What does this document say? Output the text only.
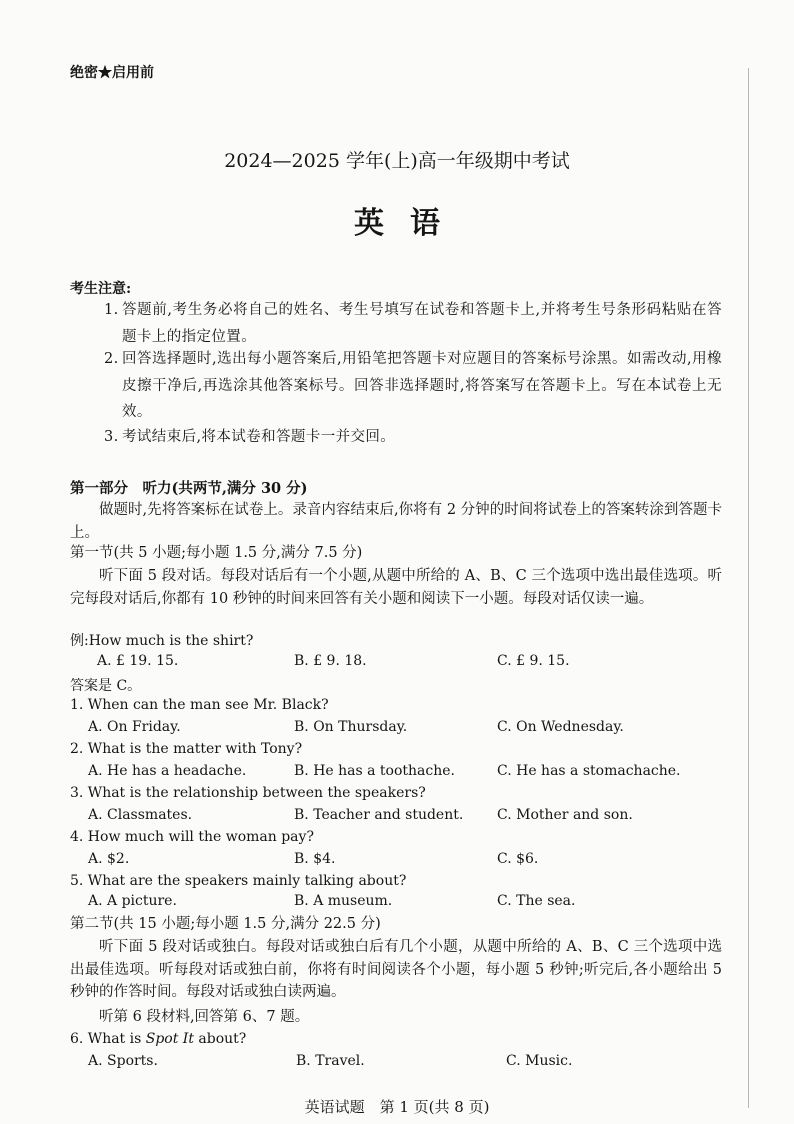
绝密★启用前
2024—2025 学年(上)高一年级期中考试
英语
考生注意:
1. 答题前,考生务必将自己的姓名、考生号填写在试卷和答题卡上,并将考生号条形码粘贴在答题卡上的指定位置。
2. 回答选择题时,选出每小题答案后,用铅笔把答题卡对应题目的答案标号涂黑。如需改动,用橡皮擦干净后,再选涂其他答案标号。回答非选择题时,将答案写在答题卡上。写在本试卷上无效。
3. 考试结束后,将本试卷和答题卡一并交回。
第一部分　听力(共两节,满分 30 分)
做题时,先将答案标在试卷上。录音内容结束后,你将有 2 分钟的时间将试卷上的答案转涂到答题卡上。
第一节(共 5 小题;每小题 1.5 分,满分 7.5 分)
听下面 5 段对话。每段对话后有一个小题,从题中所给的 A、B、C 三个选项中选出最佳选项。听完每段对话后,你都有 10 秒钟的时间来回答有关小题和阅读下一小题。每段对话仅读一遍。
例:How much is the shirt?
A. £ 19. 15.	B. £ 9. 18.	C. £ 9. 15.
答案是 C。
1. When can the man see Mr. Black?
A. On Friday.	B. On Thursday.	C. On Wednesday.
2. What is the matter with Tony?
A. He has a headache.	B. He has a toothache.	C. He has a stomachache.
3. What is the relationship between the speakers?
A. Classmates.	B. Teacher and student. C. Mother and son.
4. How much will the woman pay?
A. $2.	B. $4.	C. $6.
5. What are the speakers mainly talking about?
A. A picture.	B. A museum.	C. The sea.
第二节(共 15 小题;每小题 1.5 分,满分 22.5 分)
听下面 5 段对话或独白。每段对话或独白后有几个小题，从题中所给的 A、B、C 三个选项中选出最佳选项。听每段对话或独白前，你将有时间阅读各个小题，每小题 5 秒钟;听完后,各小题给出 5 秒钟的作答时间。每段对话或独白读两遍。
听第 6 段材料,回答第 6、7 题。
6. What is Spot It about?
A. Sports.	B. Travel.	C. Music.
英语试题　第 1 页(共 8 页)
